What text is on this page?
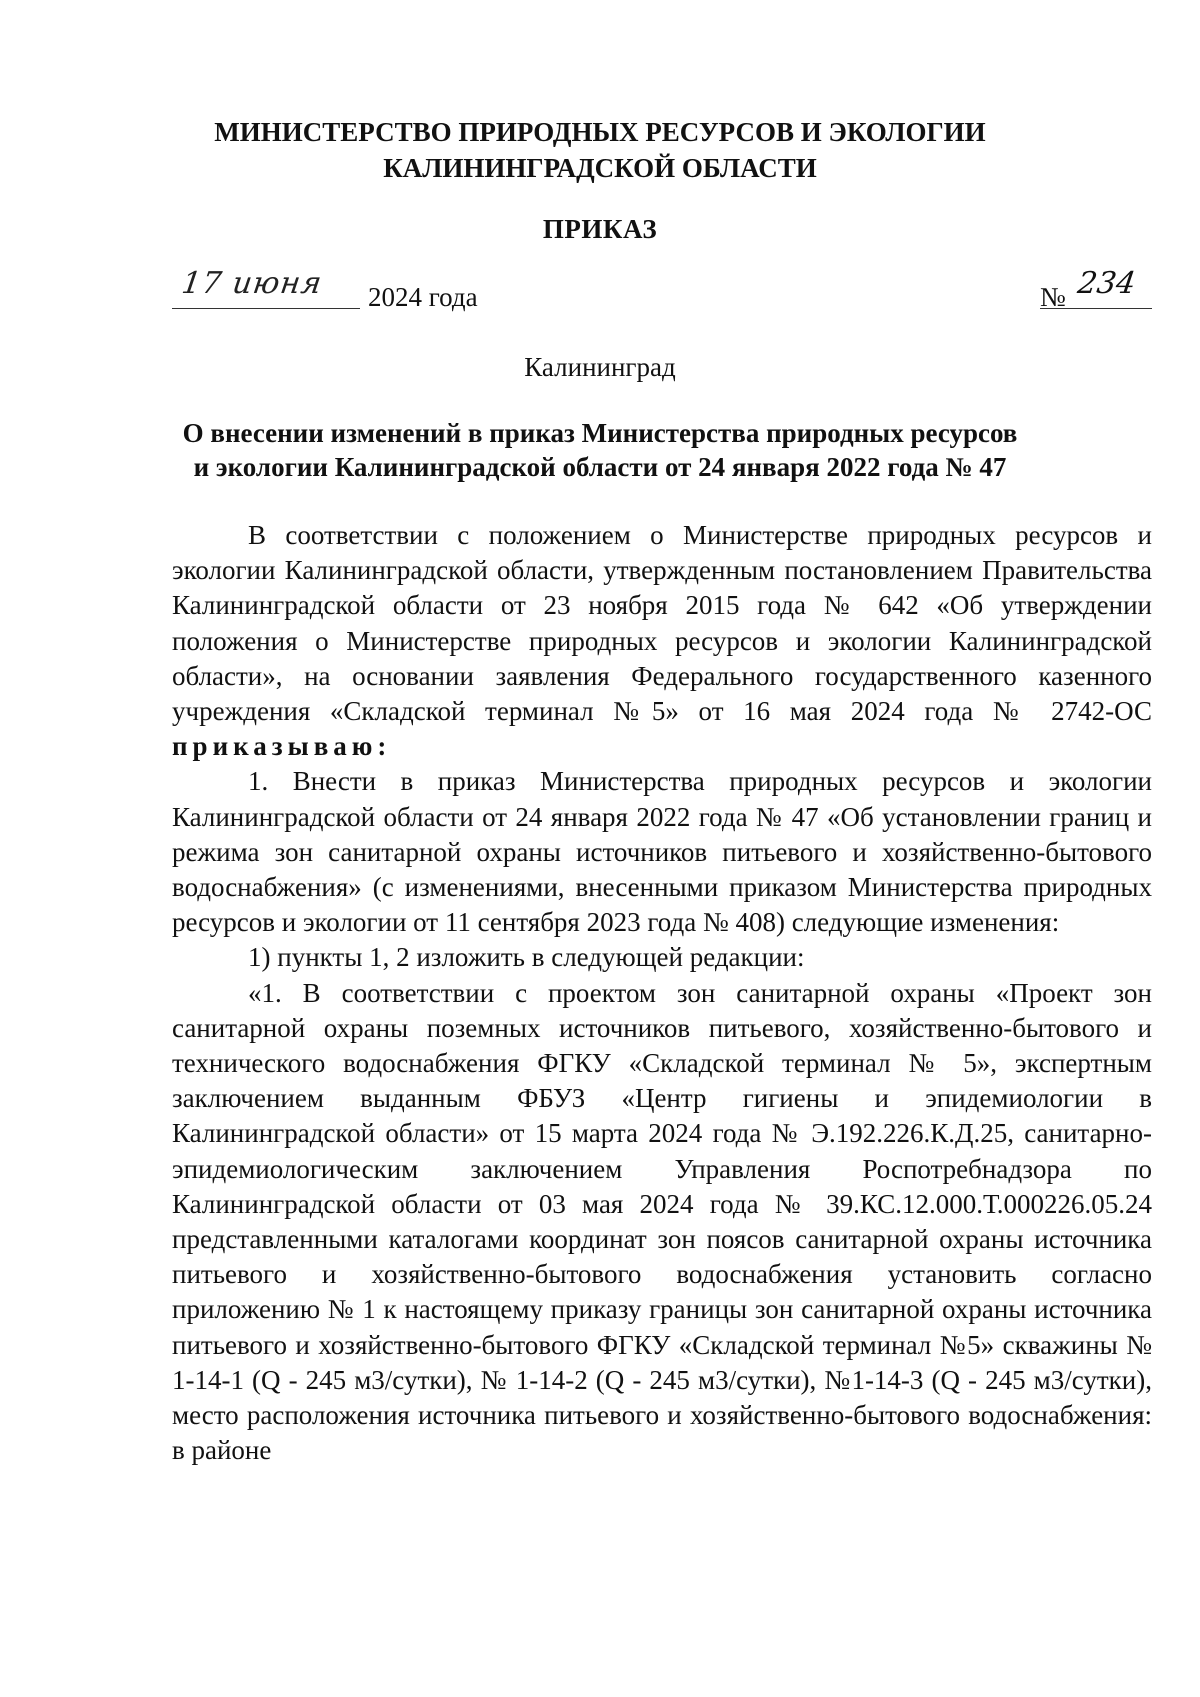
МИНИСТЕРСТВО ПРИРОДНЫХ РЕСУРСОВ И ЭКОЛОГИИ
КАЛИНИНГРАДСКОЙ ОБЛАСТИ
ПРИКАЗ
17 июня 2024 года	№ 234
Калининград
О внесении изменений в приказ Министерства природных ресурсов
и экологии Калининградской области от 24 января 2022 года № 47

В соответствии с положением о Министерстве природных ресурсов и экологии Калининградской области, утвержденным постановлением Правительства Калининградской области от 23 ноября 2015 года № 642 «Об утверждении положения о Министерстве природных ресурсов и экологии Калининградской области», на основании заявления Федерального государственного казенного учреждения «Складской терминал №5» от 16 мая 2024 года № 2742-ОС приказываю:

1. Внести в приказ Министерства природных ресурсов и экологии Калининградской области от 24 января 2022 года № 47 «Об установлении границ и режима зон санитарной охраны источников питьевого и хозяйственно-бытового водоснабжения» (с изменениями, внесенными приказом Министерства природных ресурсов и экологии от 11 сентября 2023 года № 408) следующие изменения:

1) пункты 1, 2 изложить в следующей редакции:

«1. В соответствии с проектом зон санитарной охраны «Проект зон санитарной охраны поземных источников питьевого, хозяйственно-бытового и технического водоснабжения ФГКУ «Складской терминал № 5», экспертным заключением выданным ФБУЗ «Центр гигиены и эпидемиологии в Калининградской области» от 15 марта 2024 года № Э.192.226.К.Д.25, санитарно-эпидемиологическим заключением Управления Роспотребнадзора по Калининградской области от 03 мая 2024 года № 39.КС.12.000.Т.000226.05.24 представленными каталогами координат зон поясов санитарной охраны источника питьевого и хозяйственно-бытового водоснабжения установить согласно приложению № 1 к настоящему приказу границы зон санитарной охраны источника питьевого и хозяйственно-бытового ФГКУ «Складской терминал №5» скважины № 1-14-1 (Q - 245 м3/сутки), № 1-14-2 (Q - 245 м3/сутки), №1-14-3 (Q - 245 м3/сутки), место расположения источника питьевого и хозяйственно-бытового водоснабжения: в районе
